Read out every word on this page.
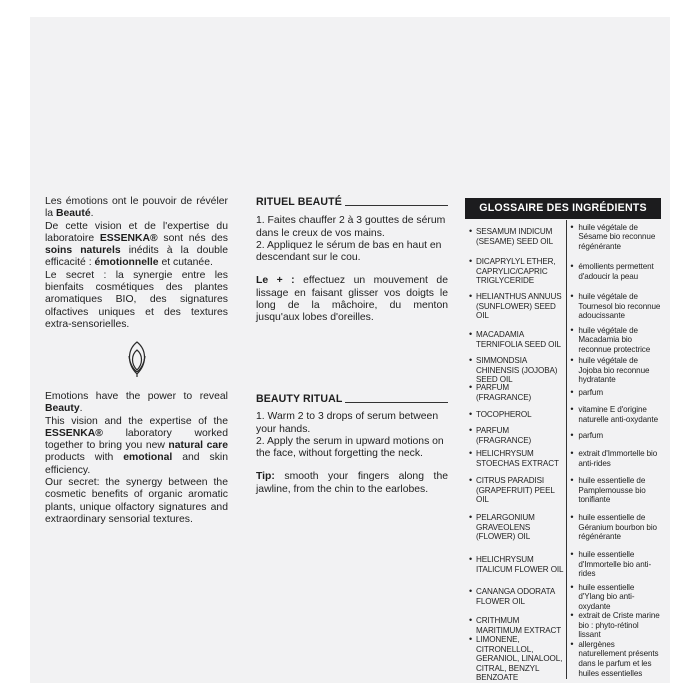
Les émotions ont le pouvoir de révéler la Beauté.

De cette vision et de l'expertise du laboratoire ESSENKA® sont nés des soins naturels inédits à la double efficacité : émotionnelle et cutanée.

Le secret : la synergie entre les bienfaits cosmétiques des plantes aromatiques BIO, des signatures olfactives uniques et des textures extra-sensorielles.

Emotions have the power to reveal Beauty.

This vision and the expertise of the ESSENKA® laboratory worked together to bring you new natural care products with emotional and skin efficiency.

Our secret: the synergy between the cosmetic benefits of organic aromatic plants, unique olfactory signatures and extraordinary sensorial textures.

RITUEL BEAUTÉ

1. Faites chauffer 2 à 3 gouttes de sérum dans le creux de vos mains.

2. Appliquez le sérum de bas en haut en descendant sur le cou.

Le + : effectuez un mouvement de lissage en faisant glisser vos doigts le long de la mâchoire, du menton jusqu'aux lobes d'oreilles.

BEAUTY RITUAL

1. Warm 2 to 3 drops of serum between your hands.

2. Apply the serum in upward motions on the face, without forgetting the neck.

Tip: smooth your fingers along the jawline, from the chin to the earlobes.

GLOSSAIRE DES INGRÉDIENTS
• SESAMUM INDICUM (SESAME) SEED OIL
• huile végétale de Sésame bio reconnue régénérante
• DICAPRYLYL ETHER, CAPRYLIC/CAPRIC TRIGLYCERIDE
• émollients permettent d'adoucir la peau
• HELIANTHUS ANNUUS (SUNFLOWER) SEED OIL
• huile végétale de Tournesol bio reconnue adoucissante
• MACADAMIA TERNIFOLIA SEED OIL
• huile végétale de Macadamia bio reconnue protectrice
• SIMMONDSIA CHINENSIS (JOJOBA) SEED OIL
• huile végétale de Jojoba bio reconnue hydratante
• PARFUM (FRAGRANCE)
• parfum
• TOCOPHEROL
• vitamine E d'origine naturelle anti-oxydante
• PARFUM (FRAGRANCE)
• parfum
• HELICHRYSUM STOECHAS EXTRACT
• extrait d'Immortelle bio anti-rides
• CITRUS PARADISI (GRAPEFRUIT) PEEL OIL
• huile essentielle de Pamplemousse bio tonifiante
• PELARGONIUM GRAVEOLENS (FLOWER) OIL
• huile essentielle de Géranium bourbon bio régénérante
• HELICHRYSUM ITALICUM FLOWER OIL
• huile essentielle d'Immortelle bio anti-rides
• CANANGA ODORATA FLOWER OIL
• huile essentielle d'Ylang bio anti-oxydante
• CRITHMUM MARITIMUM EXTRACT
• extrait de Criste marine bio : phyto-rétinol lissant
• LIMONENE, CITRONELLOL, GERANIOL, LINALOOL, CITRAL, BENZYL BENZOATE
• allergènes naturellement présents dans le parfum et les huiles essentielles
